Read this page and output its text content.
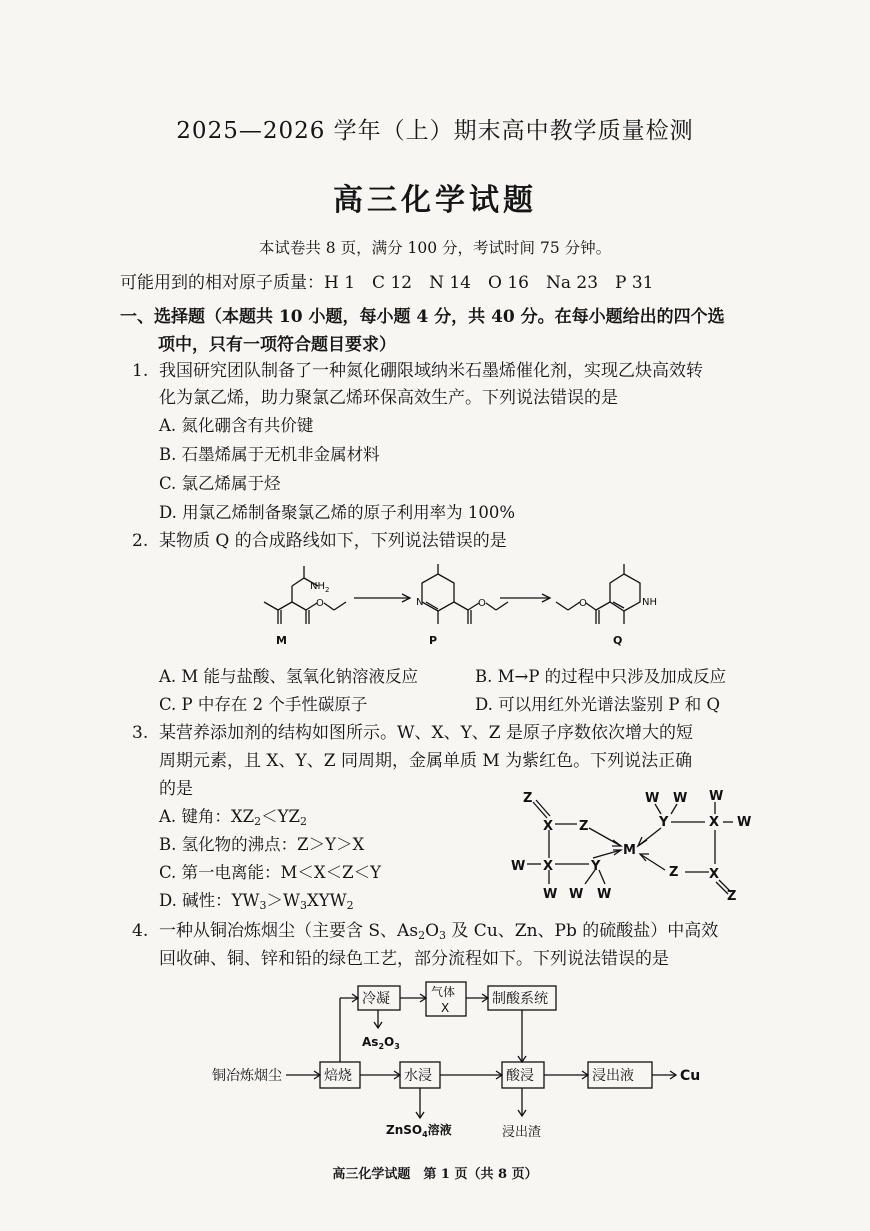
2025—2026 学年（上）期末高中教学质量检测
高三化学试题
本试卷共 8 页，满分 100 分，考试时间 75 分钟。
可能用到的相对原子质量：H 1　C 12　N 14　O 16　Na 23　P 31
一、选择题（本题共 10 小题，每小题 4 分，共 40 分。在每小题给出的四个选
项中，只有一项符合题目要求）
1. 我国研究团队制备了一种氮化硼限域纳米石墨烯催化剂，实现乙炔高效转
化为氯乙烯，助力聚氯乙烯环保高效生产。下列说法错误的是
A. 氮化硼含有共价键
B. 石墨烯属于无机非金属材料
C. 氯乙烯属于烃
D. 用氯乙烯制备聚氯乙烯的原子利用率为 100%
2. 某物质 Q 的合成路线如下，下列说法错误的是
$NH_2$
O	O	O
N	NH
M	P	Q
A. M 能与盐酸、氢氧化钠溶液反应	B. M→P 的过程中只涉及加成反应
C. P 中存在 2 个手性碳原子	D. 可以用红外光谱法鉴别 P 和 Q
3. 某营养添加剂的结构如图所示。W、X、Y、Z 是原子序数依次增大的短
周期元素，且 X、Y、Z 同周期，金属单质 M 为紫红色。下列说法正确
的是
A. 键角：$XZ_2<YZ_2$
B. 氢化物的沸点：Z＞Y＞X
C. 第一电离能：M＜X＜Z＜Y
D. 碱性：$YW_3>W_3XYW_2$
Z
X Z
W X
W
Y
W W
M
Y
W W
X
W
W
Z X
Z
4. 一种从铜冶炼烟尘（主要含 S、$As_2O_3$ 及 Cu、Zn、Pb 的硫酸盐）中高效
回收砷、铜、锌和铅的绿色工艺，部分流程如下。下列说法错误的是
铜冶炼烟尘	焙烧
冷凝	气体
X
制酸系统
水浸	酸浸	浸出液	Cu
$As_2O_3$
ZnSO$_4$溶液	浸出渣
高三化学试题　第 1 页（共 8 页）
